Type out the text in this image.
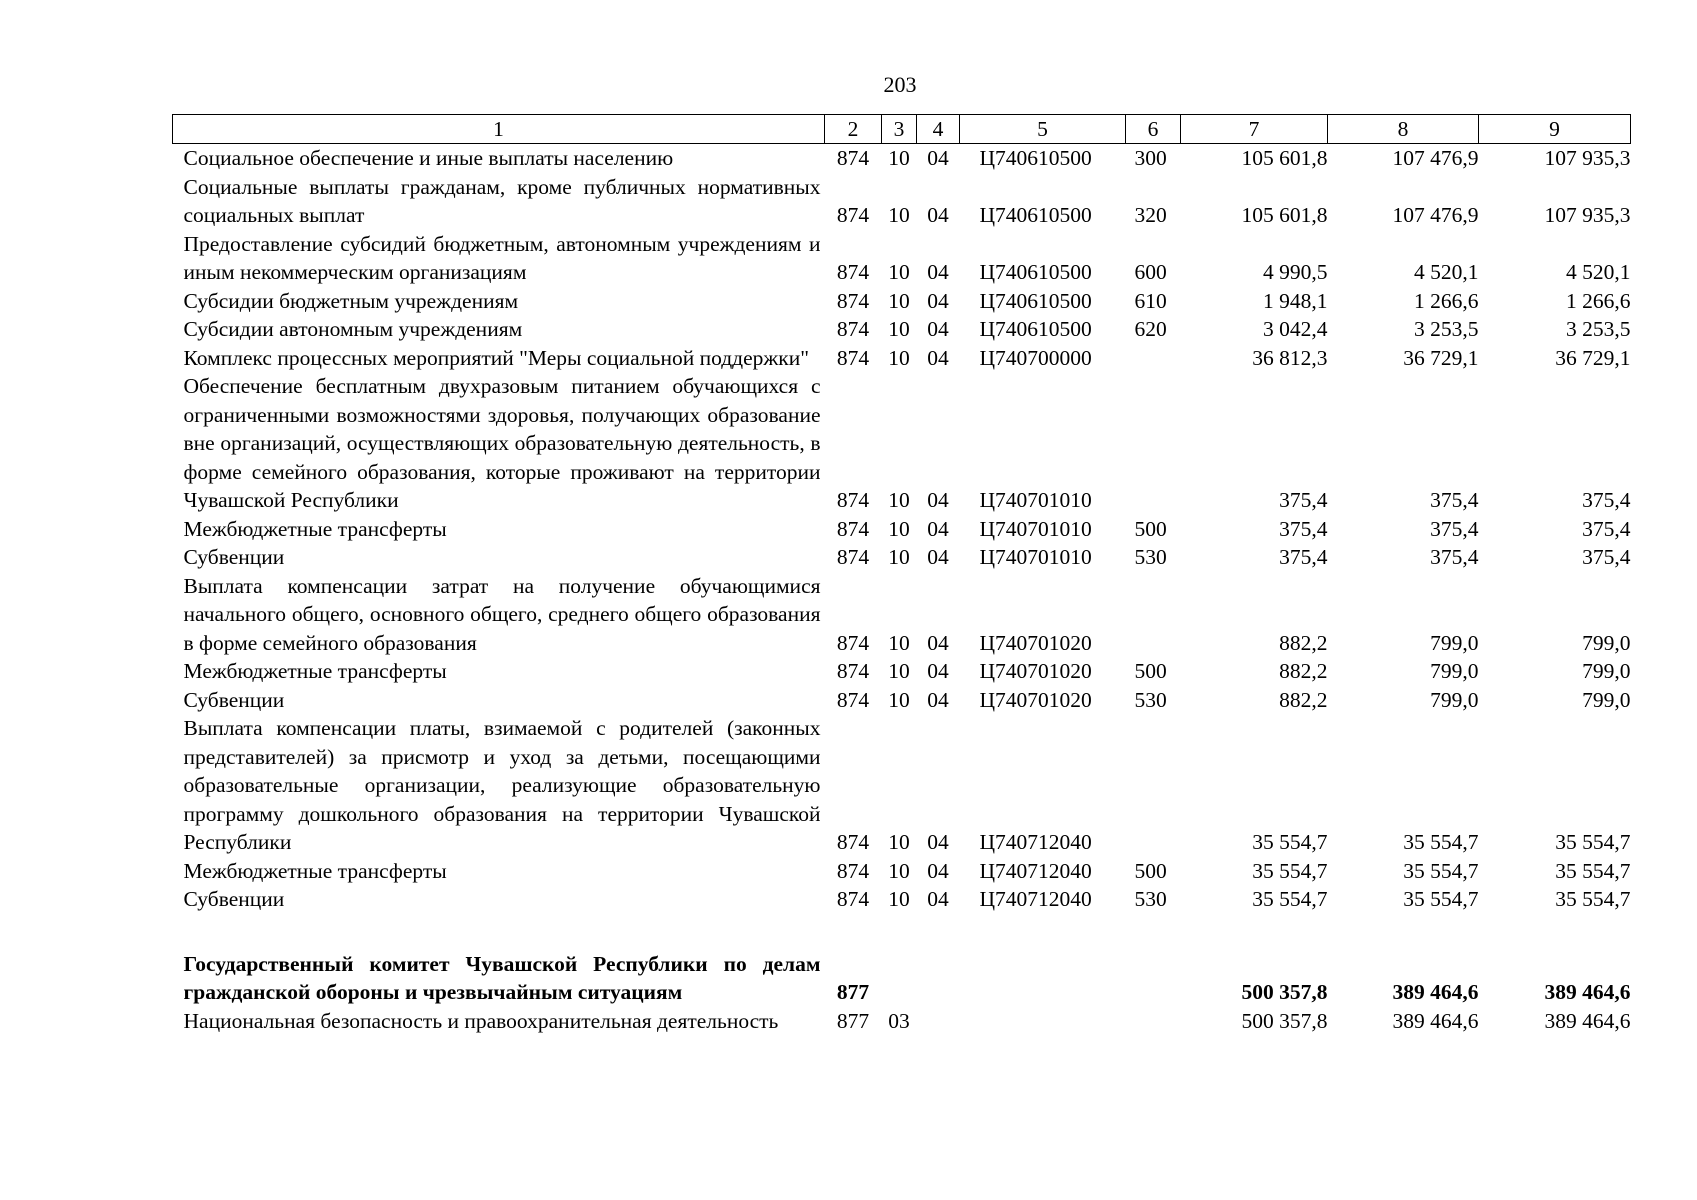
203
1	2	3	4	5	6	7	8	9
Социальное обеспечение и иные выплаты населению	874	10	04	Ц740610500	300	105 601,8	107 476,9	107 935,3
Социальные выплаты гражданам, кроме публичных нормативных социальных выплат	874	10	04	Ц740610500	320	105 601,8	107 476,9	107 935,3
Предоставление субсидий бюджетным, автономным учреждениям и иным некоммерческим организациям	874	10	04	Ц740610500	600	4 990,5	4 520,1	4 520,1
Субсидии бюджетным учреждениям	874	10	04	Ц740610500	610	1 948,1	1 266,6	1 266,6
Субсидии автономным учреждениям	874	10	04	Ц740610500	620	3 042,4	3 253,5	3 253,5
Комплекс процессных мероприятий "Меры социальной поддержки"	874	10	04	Ц740700000		36 812,3	36 729,1	36 729,1
Обеспечение бесплатным двухразовым питанием обучающихся с ограниченными возможностями здоровья, получающих образование вне организаций, осуществляющих образовательную деятельность, в форме семейного образования, которые проживают на территории Чувашской Республики	874	10	04	Ц740701010		375,4	375,4	375,4
Межбюджетные трансферты	874	10	04	Ц740701010	500	375,4	375,4	375,4
Субвенции	874	10	04	Ц740701010	530	375,4	375,4	375,4
Выплата компенсации затрат на получение обучающимися начального общего, основного общего, среднего общего образования в форме семейного образования	874	10	04	Ц740701020		882,2	799,0	799,0
Межбюджетные трансферты	874	10	04	Ц740701020	500	882,2	799,0	799,0
Субвенции	874	10	04	Ц740701020	530	882,2	799,0	799,0
Выплата компенсации платы, взимаемой с родителей (законных представителей) за присмотр и уход за детьми, посещающими образовательные организации, реализующие образовательную программу дошкольного образования на территории Чувашской Республики	874	10	04	Ц740712040		35 554,7	35 554,7	35 554,7
Межбюджетные трансферты	874	10	04	Ц740712040	500	35 554,7	35 554,7	35 554,7
Субвенции	874	10	04	Ц740712040	530	35 554,7	35 554,7	35 554,7

Государственный комитет Чувашской Республики по делам гражданской обороны и чрезвычайным ситуациям	877					500 357,8	389 464,6	389 464,6
Национальная безопасность и правоохранительная деятельность	877	03				500 357,8	389 464,6	389 464,6
